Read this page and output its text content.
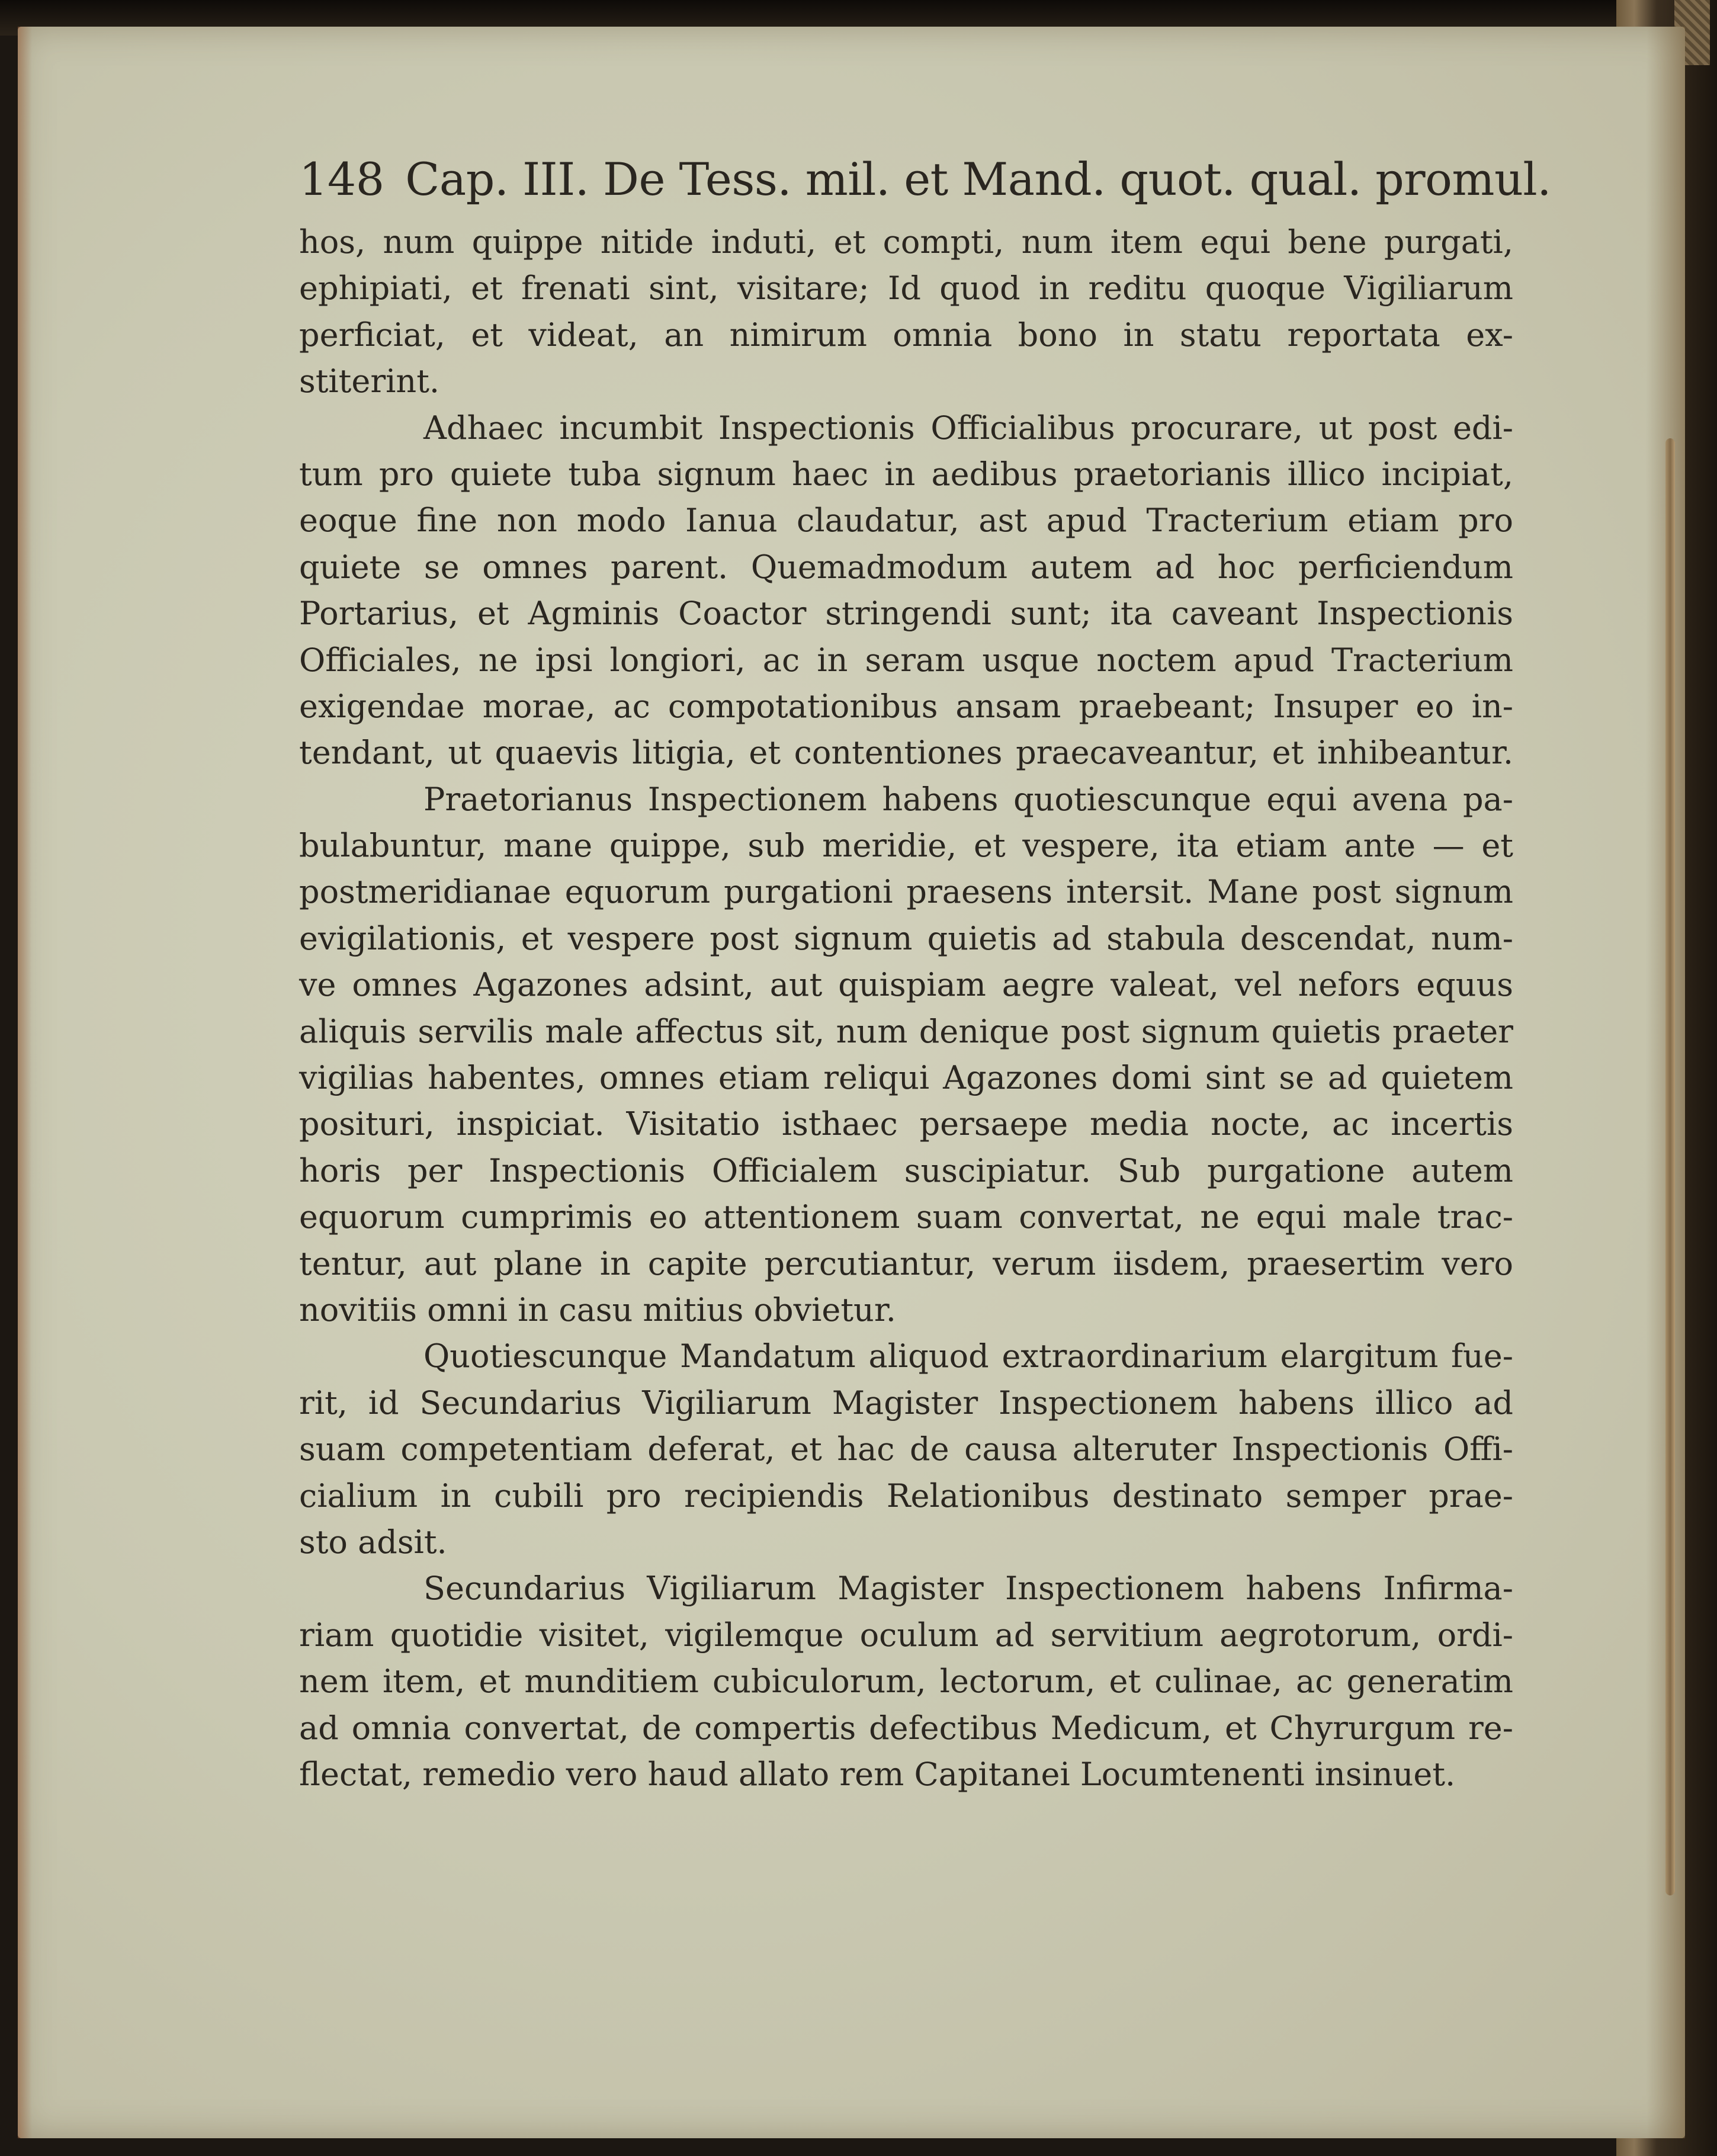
148 Cap. III. De Tess. mil. et Mand. quot. qual. promul.
hos, num quippe nitide induti, et compti, num item equi bene purgati,
ephipiati, et frenati sint, visitare; Id quod in reditu quoque Vigiliarum
perficiat, et videat, an nimirum omnia bono in statu reportata ex-
stiterint.
Adhaec incumbit Inspectionis Officialibus procurare, ut post edi-
tum pro quiete tuba signum haec in aedibus praetorianis illico incipiat,
eoque fine non modo Ianua claudatur, ast apud Tracterium etiam pro
quiete se omnes parent. Quemadmodum autem ad hoc perficiendum
Portarius, et Agminis Coactor stringendi sunt; ita caveant Inspectionis
Officiales, ne ipsi longiori, ac in seram usque noctem apud Tracterium
exigendae morae, ac compotationibus ansam praebeant; Insuper eo in-
tendant, ut quaevis litigia, et contentiones praecaveantur, et inhibeantur.
Praetorianus Inspectionem habens quotiescunque equi avena pa-
bulabuntur, mane quippe, sub meridie, et vespere, ita etiam ante — et
postmeridianae equorum purgationi praesens intersit. Mane post signum
evigilationis, et vespere post signum quietis ad stabula descendat, num-
ve omnes Agazones adsint, aut quispiam aegre valeat, vel nefors equus
aliquis servilis male affectus sit, num denique post signum quietis praeter
vigilias habentes, omnes etiam reliqui Agazones domi sint se ad quietem
posituri, inspiciat. Visitatio isthaec persaepe media nocte, ac incertis
horis per Inspectionis Officialem suscipiatur. Sub purgatione autem
equorum cumprimis eo attentionem suam convertat, ne equi male trac-
tentur, aut plane in capite percutiantur, verum iisdem, praesertim vero
novitiis omni in casu mitius obvietur.
Quotiescunque Mandatum aliquod extraordinarium elargitum fue-
rit, id Secundarius Vigiliarum Magister Inspectionem habens illico ad
suam competentiam deferat, et hac de causa alteruter Inspectionis Offi-
cialium in cubili pro recipiendis Relationibus destinato semper prae-
sto adsit.
Secundarius Vigiliarum Magister Inspectionem habens Infirma-
riam quotidie visitet, vigilemque oculum ad servitium aegrotorum, ordi-
nem item, et munditiem cubiculorum, lectorum, et culinae, ac generatim
ad omnia convertat, de compertis defectibus Medicum, et Chyrurgum re-
flectat, remedio vero haud allato rem Capitanei Locumtenenti insinuet.
